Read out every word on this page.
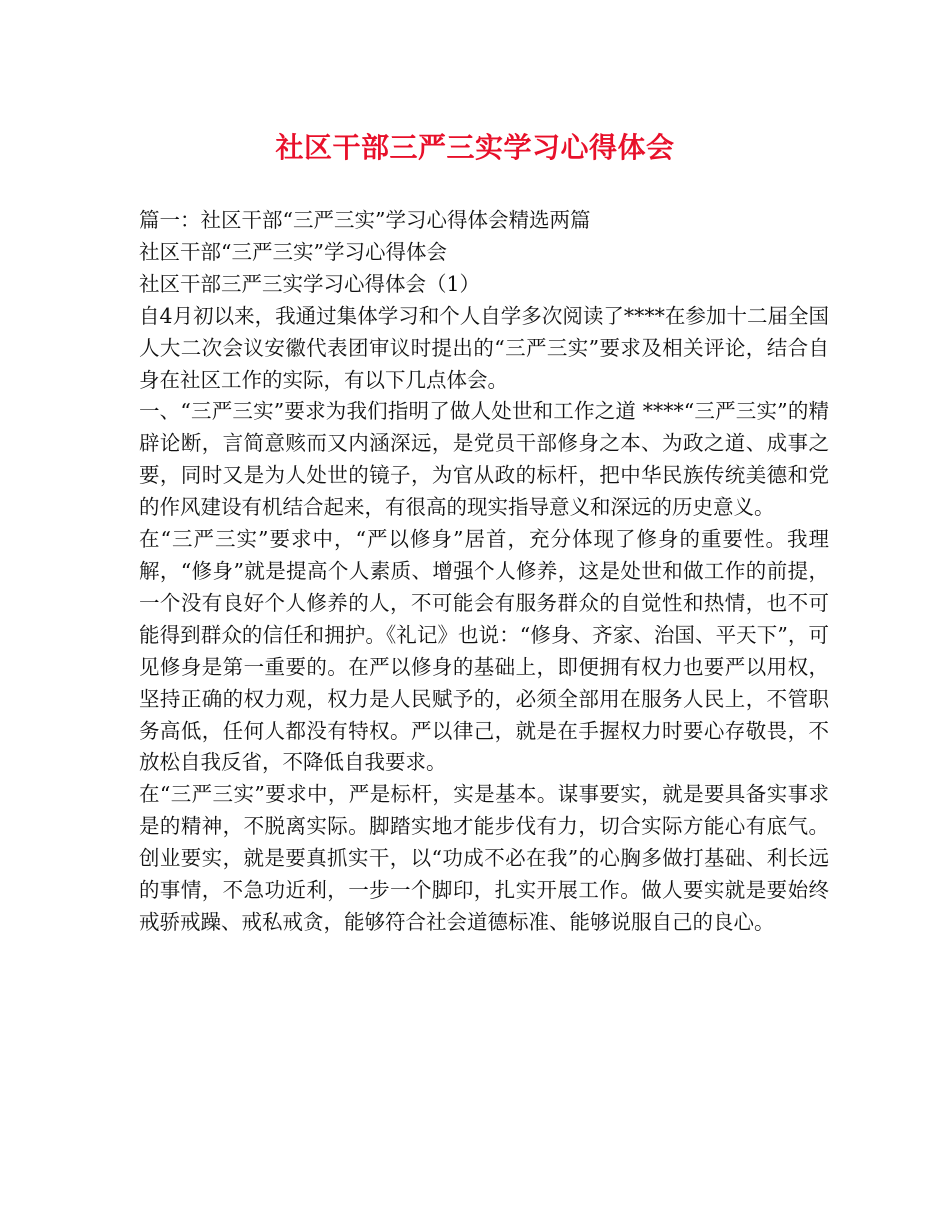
社区干部三严三实学习心得体会

篇一：社区干部“三严三实”学习心得体会精选两篇

社区干部“三严三实”学习心得体会

社区干部三严三实学习心得体会（1）

自4月初以来，我通过集体学习和个人自学多次阅读了****在参加十二届全国人大二次会议安徽代表团审议时提出的“三严三实”要求及相关评论，结合自身在社区工作的实际，有以下几点体会。

一、“三严三实”要求为我们指明了做人处世和工作之道 ****“三严三实”的精辟论断，言简意赅而又内涵深远，是党员干部修身之本、为政之道、成事之要，同时又是为人处世的镜子，为官从政的标杆，把中华民族传统美德和党的作风建设有机结合起来，有很高的现实指导意义和深远的历史意义。

在“三严三实”要求中，“严以修身”居首，充分体现了修身的重要性。我理解，“修身”就是提高个人素质、增强个人修养，这是处世和做工作的前提，一个没有良好个人修养的人，不可能会有服务群众的自觉性和热情，也不可能得到群众的信任和拥护。《礼记》也说：“修身、齐家、治国、平天下”，可见修身是第一重要的。在严以修身的基础上，即便拥有权力也要严以用权，坚持正确的权力观，权力是人民赋予的，必须全部用在服务人民上，不管职务高低，任何人都没有特权。严以律己，就是在手握权力时要心存敬畏，不放松自我反省，不降低自我要求。

在“三严三实”要求中，严是标杆，实是基本。谋事要实，就是要具备实事求是的精神，不脱离实际。脚踏实地才能步伐有力，切合实际方能心有底气。创业要实，就是要真抓实干，以“功成不必在我”的心胸多做打基础、利长远的事情，不急功近利，一步一个脚印，扎实开展工作。做人要实就是要始终戒骄戒躁、戒私戒贪，能够符合社会道德标准、能够说服自己的良心。
